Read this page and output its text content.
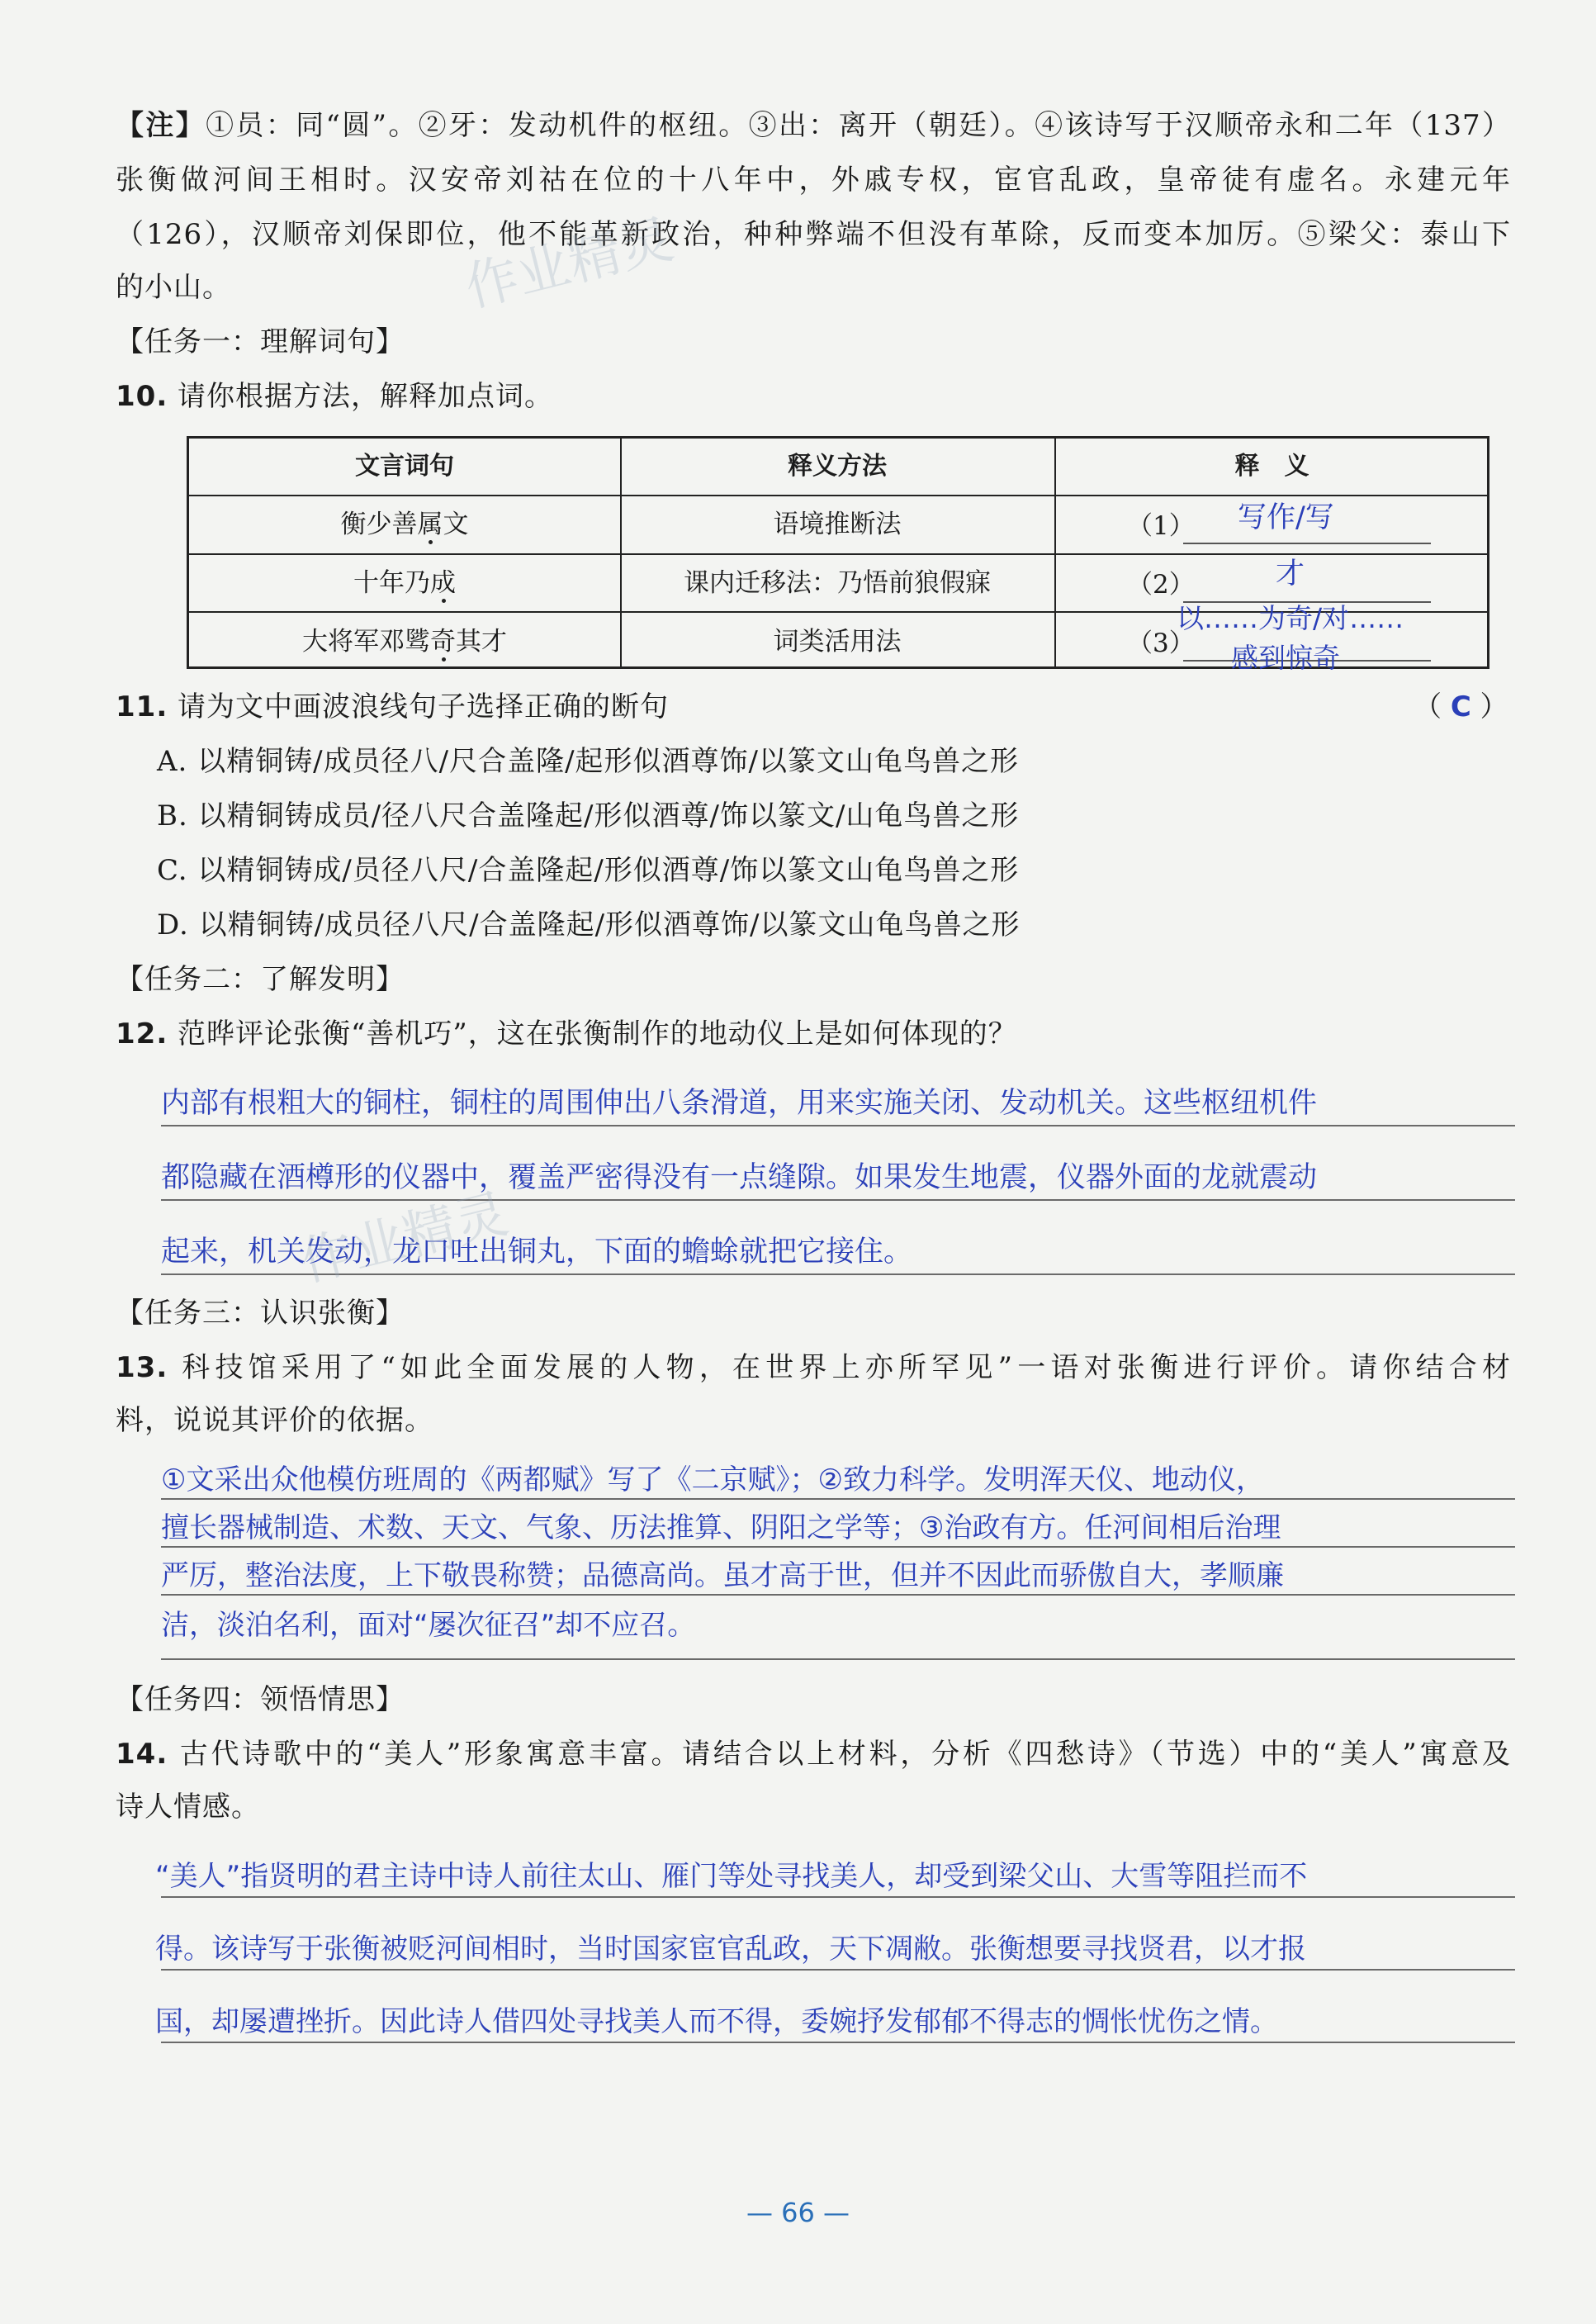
【注】①员：同“圆”。②牙：发动机件的枢纽。③出：离开（朝廷）。④该诗写于汉顺帝永和二年（137）
张衡做河间王相时。汉安帝刘祜在位的十八年中，外戚专权，宦官乱政，皇帝徒有虚名。永建元年
（126），汉顺帝刘保即位，他不能革新政治，种种弊端不但没有革除，反而变本加厉。⑤梁父：泰山下
的小山。	作业精灵
【任务一：理解词句】
10. 请你根据方法，解释加点词。
文言词句	释义方法	释　义
衡少善属文	语境推断法	（1） 写作/写
十年乃成	课内迁移法：乃悟前狼假寐	（2）	才
大将军邓骘奇其才	词类活用法	（3）
以……为奇/对……
感到惊奇
11. 请为文中画波浪线句子选择正确的断句	（ C ）
A. 以精铜铸/成员径八/尺合盖隆/起形似酒尊饰/以篆文山龟鸟兽之形
B. 以精铜铸成员/径八尺合盖隆起/形似酒尊/饰以篆文/山龟鸟兽之形
C. 以精铜铸成/员径八尺/合盖隆起/形似酒尊/饰以篆文山龟鸟兽之形
D. 以精铜铸/成员径八尺/合盖隆起/形似酒尊饰/以篆文山龟鸟兽之形
【任务二：了解发明】
12. 范晔评论张衡“善机巧”，这在张衡制作的地动仪上是如何体现的？
内部有根粗大的铜柱，铜柱的周围伸出八条滑道，用来实施关闭、发动机关。这些枢纽机件
都隐藏在酒樽形的仪器中，覆盖严密得没有一点缝隙。如果发生地震，仪器外面的龙就震动
起来，机关发动，龙口吐出铜丸，下面的蟾蜍就把它接住。
作业精灵
【任务三：认识张衡】
13. 科技馆采用了“如此全面发展的人物，在世界上亦所罕见”一语对张衡进行评价。请你结合材
料，说说其评价的依据。
①文采出众他模仿班周的《两都赋》写了《二京赋》；②致力科学。发明浑天仪、地动仪，
擅长器械制造、术数、天文、气象、历法推算、阴阳之学等；③治政有方。任河间相后治理
严厉，整治法度，上下敬畏称赞；品德高尚。虽才高于世，但并不因此而骄傲自大，孝顺廉
洁，淡泊名利，面对“屡次征召”却不应召。
【任务四：领悟情思】
14. 古代诗歌中的“美人”形象寓意丰富。请结合以上材料，分析《四愁诗》（节选）中的“美人”寓意及
诗人情感。
“美人”指贤明的君主诗中诗人前往太山、雁门等处寻找美人，却受到梁父山、大雪等阻拦而不
得。该诗写于张衡被贬河间相时，当时国家宦官乱政，天下凋敝。张衡想要寻找贤君，以才报
国，却屡遭挫折。因此诗人借四处寻找美人而不得，委婉抒发郁郁不得志的惆怅忧伤之情。
— 66 —
